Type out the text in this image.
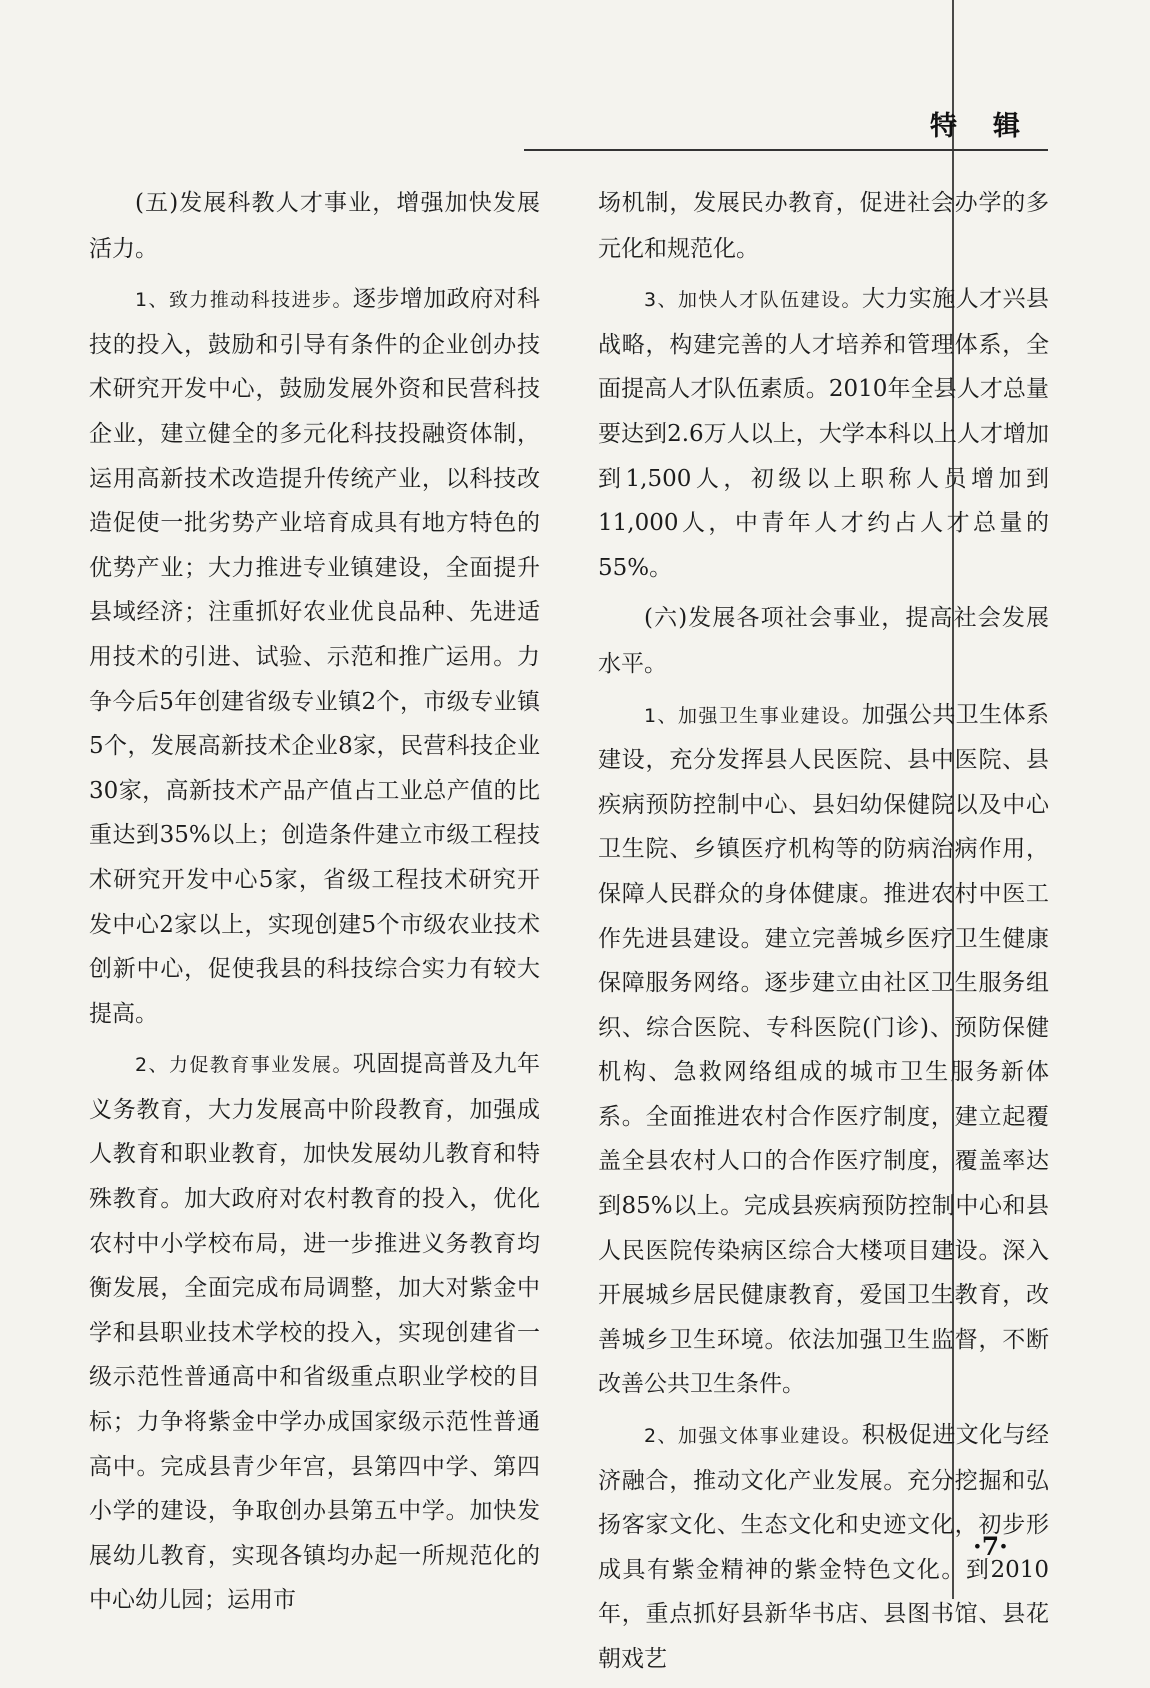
特辑

(五)发展科教人才事业，增强加快发展活力。

1、致力推动科技进步。逐步增加政府对科技的投入，鼓励和引导有条件的企业创办技术研究开发中心，鼓励发展外资和民营科技企业，建立健全的多元化科技投融资体制，运用高新技术改造提升传统产业，以科技改造促使一批劣势产业培育成具有地方特色的优势产业；大力推进专业镇建设，全面提升县域经济；注重抓好农业优良品种、先进适用技术的引进、试验、示范和推广运用。力争今后5年创建省级专业镇2个，市级专业镇5个，发展高新技术企业8家，民营科技企业30家，高新技术产品产值占工业总产值的比重达到35%以上；创造条件建立市级工程技术研究开发中心5家，省级工程技术研究开发中心2家以上，实现创建5个市级农业技术创新中心，促使我县的科技综合实力有较大提高。

2、力促教育事业发展。巩固提高普及九年义务教育，大力发展高中阶段教育，加强成人教育和职业教育，加快发展幼儿教育和特殊教育。加大政府对农村教育的投入，优化农村中小学校布局，进一步推进义务教育均衡发展，全面完成布局调整，加大对紫金中学和县职业技术学校的投入，实现创建省一级示范性普通高中和省级重点职业学校的目标；力争将紫金中学办成国家级示范性普通高中。完成县青少年宫，县第四中学、第四小学的建设，争取创办县第五中学。加快发展幼儿教育，实现各镇均办起一所规范化的中心幼儿园；运用市

场机制，发展民办教育，促进社会办学的多元化和规范化。

3、加快人才队伍建设。大力实施人才兴县战略，构建完善的人才培养和管理体系，全面提高人才队伍素质。2010年全县人才总量要达到2.6万人以上，大学本科以上人才增加到1,500人，初级以上职称人员增加到11,000人，中青年人才约占人才总量的55%。

(六)发展各项社会事业，提高社会发展水平。

1、加强卫生事业建设。加强公共卫生体系建设，充分发挥县人民医院、县中医院、县疾病预防控制中心、县妇幼保健院以及中心卫生院、乡镇医疗机构等的防病治病作用，保障人民群众的身体健康。推进农村中医工作先进县建设。建立完善城乡医疗卫生健康保障服务网络。逐步建立由社区卫生服务组织、综合医院、专科医院(门诊)、预防保健机构、急救网络组成的城市卫生服务新体系。全面推进农村合作医疗制度，建立起覆盖全县农村人口的合作医疗制度，覆盖率达到85%以上。完成县疾病预防控制中心和县人民医院传染病区综合大楼项目建设。深入开展城乡居民健康教育，爱国卫生教育，改善城乡卫生环境。依法加强卫生监督，不断改善公共卫生条件。

2、加强文体事业建设。积极促进文化与经济融合，推动文化产业发展。充分挖掘和弘扬客家文化、生态文化和史迹文化，初步形成具有紫金精神的紫金特色文化。到2010年，重点抓好县新华书店、县图书馆、县花朝戏艺

·7·
